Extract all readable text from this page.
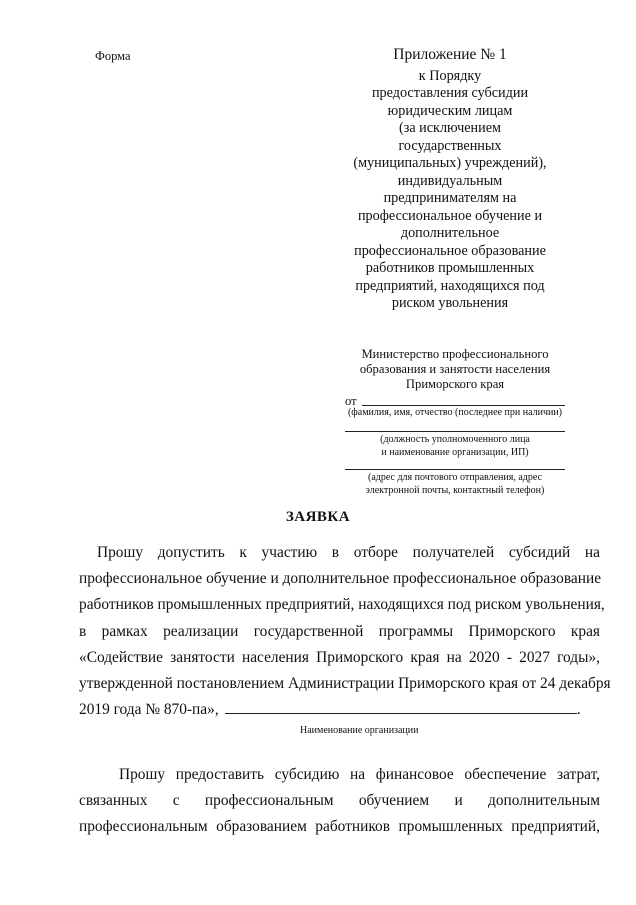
Форма	Приложение № 1
к Порядку
предоставления субсидии
юридическим лицам
(за исключением
государственных
(муниципальных) учреждений),
индивидуальным
предпринимателям на
профессиональное обучение и
дополнительное
профессиональное образование
работников промышленных
предприятий, находящихся под
риском увольнения
Министерство профессионального
образования и занятости населения
Приморского края
от
(фамилия, имя, отчество (последнее при наличии)
(должность уполномоченного лица
и наименование организации, ИП)
(адрес для почтового отправления, адрес
электронной почты, контактный телефон)
ЗАЯВКА
Прошу допустить к участию в отборе получателей субсидий на
профессиональное обучение и дополнительное профессиональное образование
работников промышленных предприятий, находящихся под риском увольнения,
в рамках реализации государственной программы Приморского края
«Содействие занятости населения Приморского края на 2020 - 2027 годы»,
утвержденной постановлением Администрации Приморского края от 24 декабря
2019 года № 870-па»,	.
Наименование организации
Прошу предоставить субсидию на финансовое обеспечение затрат,
связанных с профессиональным обучением и дополнительным
профессиональным образованием работников промышленных предприятий,
